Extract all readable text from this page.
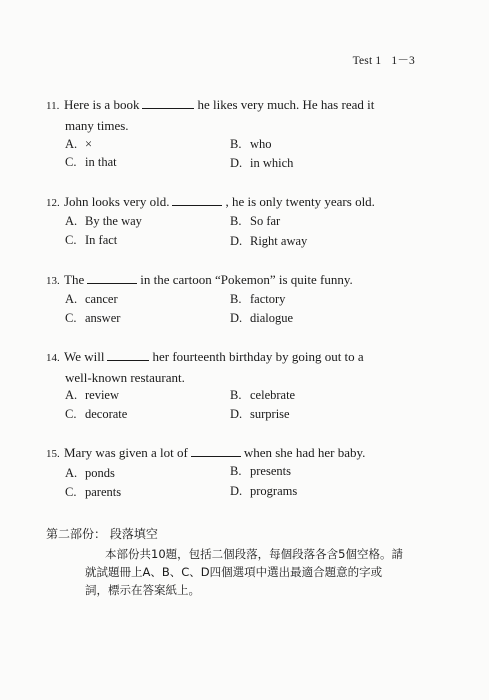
Test 1 1－3
11. Here is a book	he likes very much. He has read it
many times.
A. ×	B. who
C. in that	D. in which
12. John looks very old.	, he is only twenty years old.
A. By the way	B. So far
C. In fact	D. Right away
13. The	in the cartoon “Pokemon” is quite funny.
A. cancer	B. factory
C. answer	D. dialogue
14. We will	her fourteenth birthday by going out to a
well-known restaurant.
A. review	B. celebrate
C. decorate	D. surprise
15. Mary was given a lot of	when she had her baby.
A. ponds	B. presents
C. parents	D. programs
第二部份： 段落填空
本部份共10題，包括二個段落，每個段落各含5個空格。請
就試題冊上A、B、C、D四個選項中選出最適合題意的字或
詞，標示在答案紙上。
